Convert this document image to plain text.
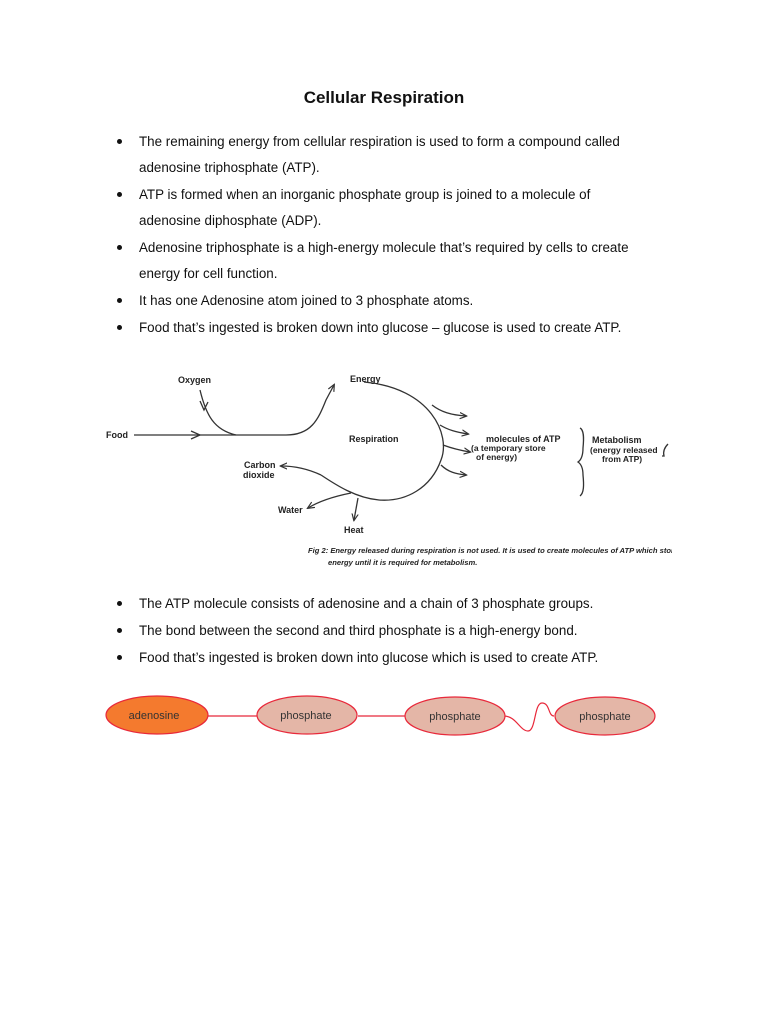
Cellular Respiration
The remaining energy from cellular respiration is used to form a compound called
adenosine triphosphate (ATP).
ATP is formed when an inorganic phosphate group is joined to a molecule of
adenosine diphosphate (ADP).
Adenosine triphosphate is a high-energy molecule that’s required by cells to create
energy for cell function.
It has one Adenosine atom joined to 3 phosphate atoms.
Food that’s ingested is broken down into glucose – glucose is used to create ATP.
Oxygen
Food
Energy
Respiration
Carbon
dioxide
Water
Heat
molecules of ATP
(a temporary store
of energy)
Metabolism
(energy released
from ATP)
Fig 2: Energy released during respiration is not used. It is used to create molecules of ATP which stores
energy until it is required for metabolism.
The ATP molecule consists of adenosine and a chain of 3 phosphate groups.
The bond between the second and third phosphate is a high-energy bond.
Food that’s ingested is broken down into glucose which is used to create ATP.
adenosine	phosphate	phosphate	phosphate
